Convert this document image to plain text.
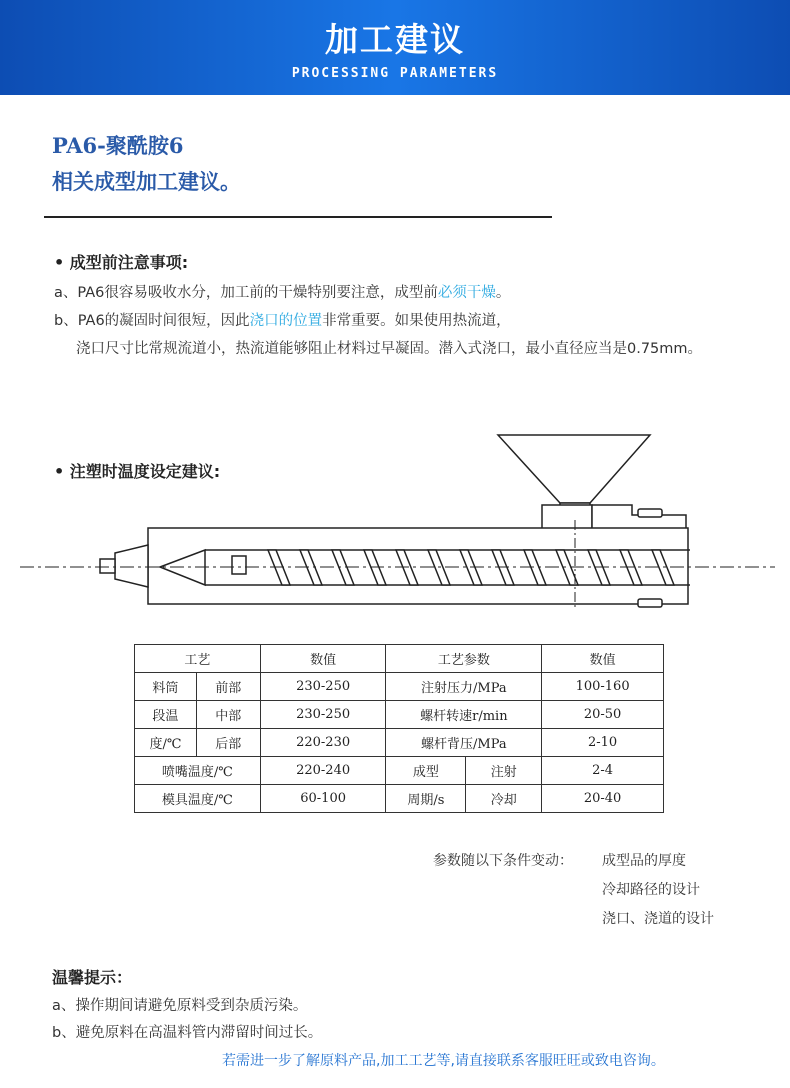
加工建议
PROCESSING PARAMETERS
PA6-聚酰胺6
相关成型加工建议。
• 成型前注意事项:
a、PA6很容易吸收水分，加工前的干燥特别要注意，成型前必须干燥。
b、PA6的凝固时间很短，因此浇口的位置非常重要。如果使用热流道，
浇口尺寸比常规流道小，热流道能够阻止材料过早凝固。潜入式浇口，最小直径应当是0.75mm。
• 注塑时温度设定建议:
工艺		数值	工艺参数		数值
料筒	前部	230-250	注射压力/MPa		100-160
段温	中部	230-250	螺杆转速r/min		20-50
度/℃	后部	220-230	螺杆背压/MPa		2-10
喷嘴温度/℃		220-240	成型	注射	2-4
模具温度/℃		60-100	周期/s	冷却	20-40
参数随以下条件变动： 成型品的厚度
冷却路径的设计
浇口、浇道的设计
温馨提示：
a、操作期间请避免原料受到杂质污染。
b、避免原料在高温料管内滞留时间过长。
若需进一步了解原料产品,加工工艺等,请直接联系客服旺旺或致电咨询。
